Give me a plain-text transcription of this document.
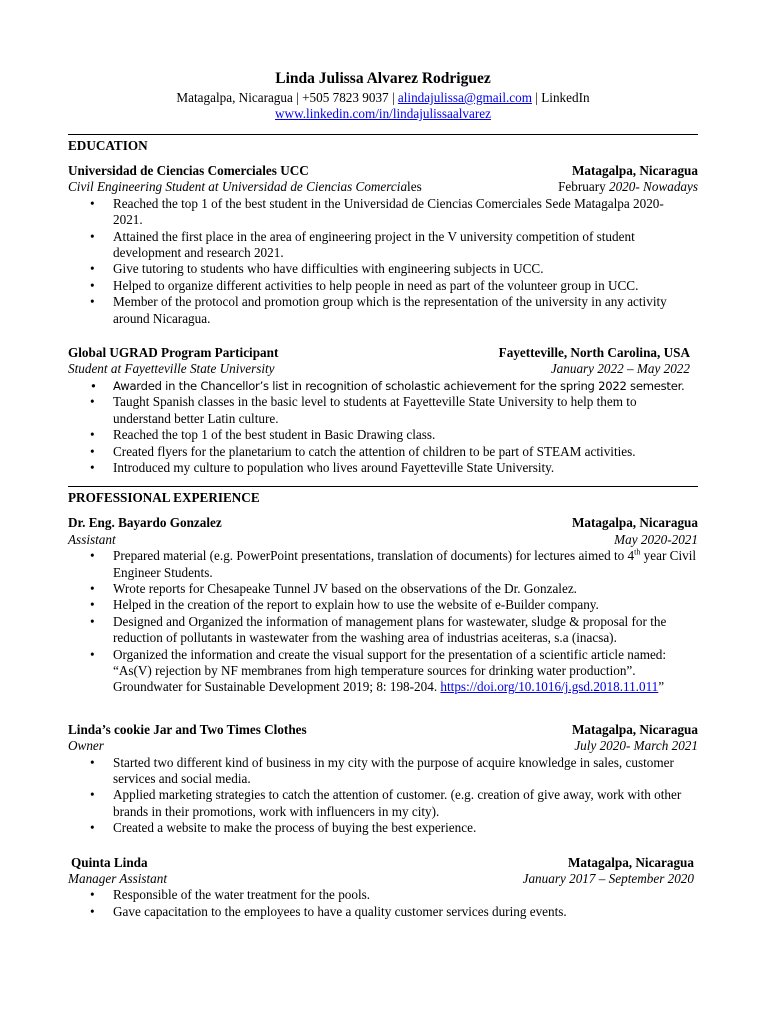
Linda Julissa Alvarez Rodriguez
Matagalpa, Nicaragua | +505 7823 9037 | alindajulissa@gmail.com | LinkedIn
www.linkedin.com/in/lindajulissaalvarez
EDUCATION
Universidad de Ciencias Comerciales UCC	Matagalpa, Nicaragua
Civil Engineering Student at Universidad de Ciencias Comerciales	February 2020- Nowadays
• Reached the top 1 of the best student in the Universidad de Ciencias Comerciales Sede Matagalpa 2020-2021.
• Attained the first place in the area of engineering project in the V university competition of student development and research 2021.
• Give tutoring to students who have difficulties with engineering subjects in UCC.
• Helped to organize different activities to help people in need as part of the volunteer group in UCC.
• Member of the protocol and promotion group which is the representation of the university in any activity around Nicaragua.
Global UGRAD Program Participant	Fayetteville, North Carolina, USA
Student at Fayetteville State University	January 2022 – May 2022
• Awarded in the Chancellor’s list in recognition of scholastic achievement for the spring 2022 semester.
• Taught Spanish classes in the basic level to students at Fayetteville State University to help them to understand better Latin culture.
• Reached the top 1 of the best student in Basic Drawing class.
• Created flyers for the planetarium to catch the attention of children to be part of STEAM activities.
• Introduced my culture to population who lives around Fayetteville State University.
PROFESSIONAL EXPERIENCE
Dr. Eng. Bayardo Gonzalez	Matagalpa, Nicaragua
Assistant	May 2020-2021
• Prepared material (e.g. PowerPoint presentations, translation of documents) for lectures aimed to 4th year Civil Engineer Students.
• Wrote reports for Chesapeake Tunnel JV based on the observations of the Dr. Gonzalez.
• Helped in the creation of the report to explain how to use the website of e-Builder company.
• Designed and Organized the information of management plans for wastewater, sludge & proposal for the reduction of pollutants in wastewater from the washing area of industrias aceiteras, s.a (inacsa).
• Organized the information and create the visual support for the presentation of a scientific article named: “As(V) rejection by NF membranes from high temperature sources for drinking water production”. Groundwater for Sustainable Development 2019; 8: 198-204. https://doi.org/10.1016/j.gsd.2018.11.011”
Linda’s cookie Jar and Two Times Clothes	Matagalpa, Nicaragua
Owner	July 2020- March 2021
• Started two different kind of business in my city with the purpose of acquire knowledge in sales, customer services and social media.
• Applied marketing strategies to catch the attention of customer. (e.g. creation of give away, work with other brands in their promotions, work with influencers in my city).
• Created a website to make the process of buying the best experience.
Quinta Linda	Matagalpa, Nicaragua
Manager Assistant	January 2017 – September 2020
• Responsible of the water treatment for the pools.
• Gave capacitation to the employees to have a quality customer services during events.
